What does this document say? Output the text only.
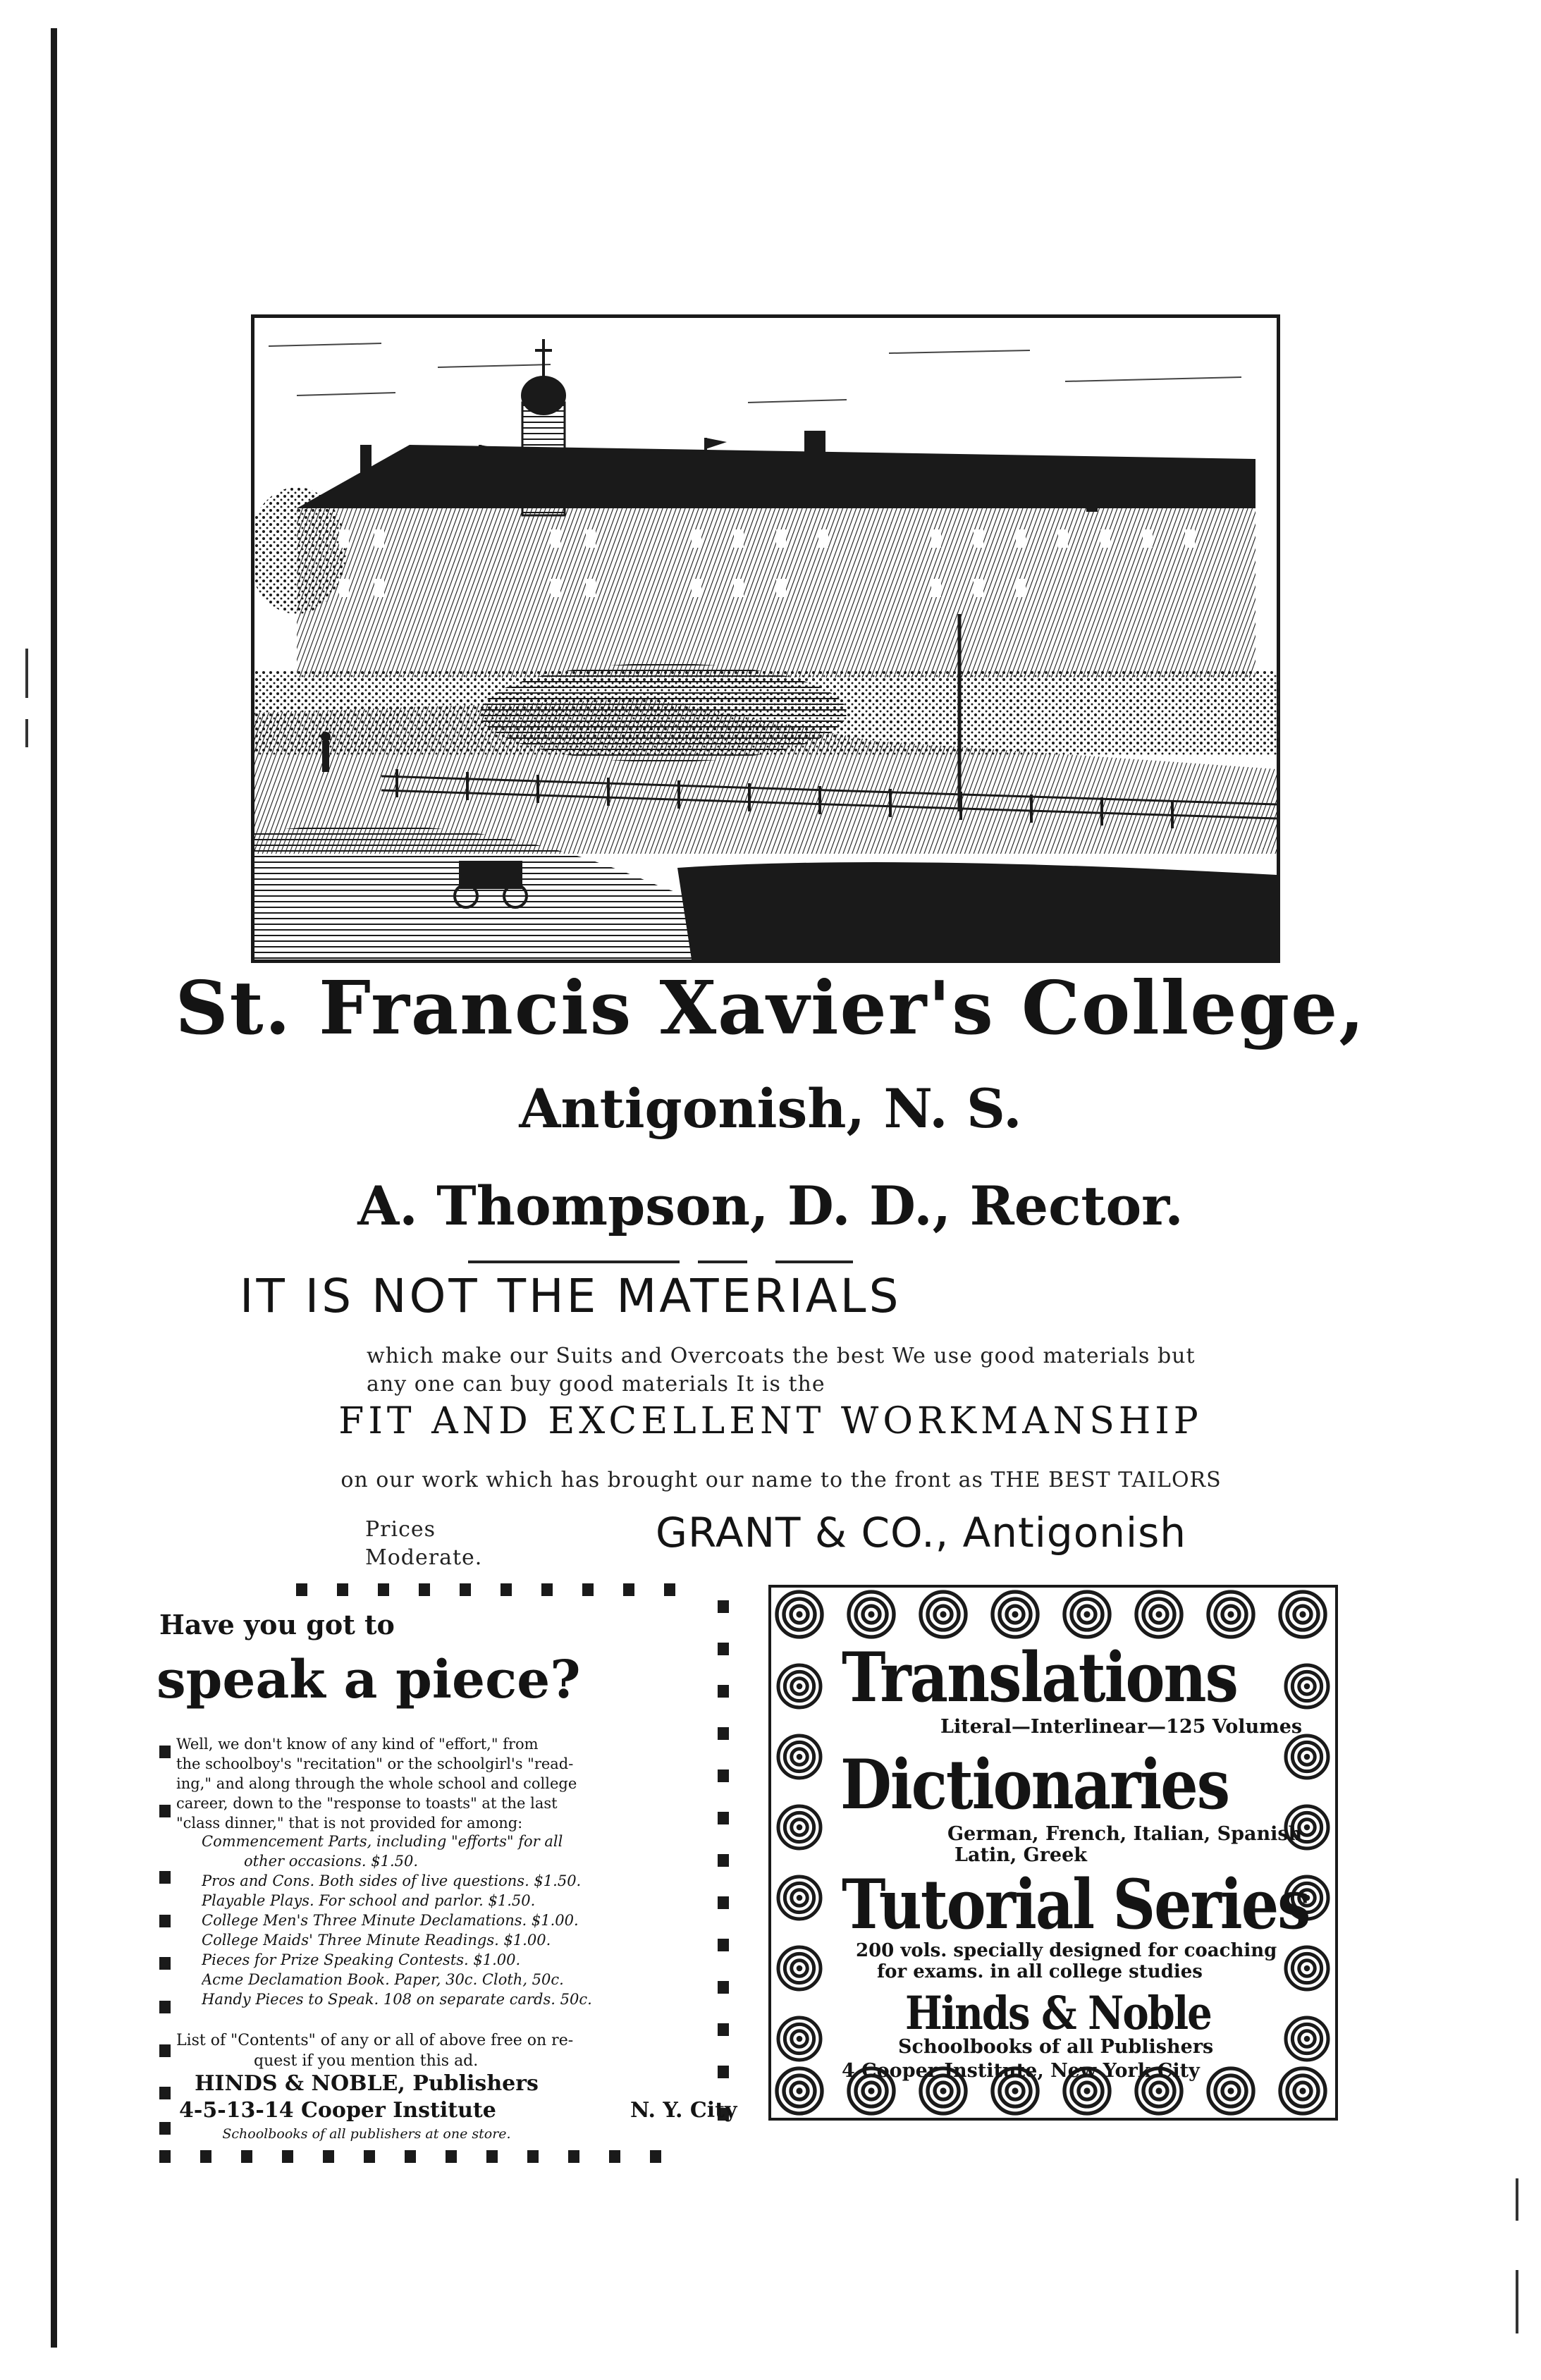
St. Francis Xavier's College,
Antigonish, N. S.
A. Thompson, D. D., Rector.
IT IS NOT THE MATERIALS
which make our Suits and Overcoats the best We use good materials but
any one can buy good materials It is the
FIT AND EXCELLENT WORKMANSHIP
on our work which has brought our name to the front as THE BEST TAILORS
Prices
Moderate.
GRANT & CO., Antigonish
Have you got to
speak a piece?
Well, we don't know of any kind of "effort," from
the schoolboy's "recitation" or the schoolgirl's "read-
ing," and along through the whole school and college
career, down to the "response to toasts" at the last
"class dinner," that is not provided for among:
Commencement Parts, including "efforts" for all
other occasions. $1.50.
Pros and Cons. Both sides of live questions. $1.50.
Playable Plays. For school and parlor. $1.50.
College Men's Three Minute Declamations. $1.00.
College Maids' Three Minute Readings. $1.00.
Pieces for Prize Speaking Contests. $1.00.
Acme Declamation Book. Paper, 30c. Cloth, 50c.
Handy Pieces to Speak. 108 on separate cards. 50c.
List of "Contents" of any or all of above free on re-
quest if you mention this ad.
HINDS & NOBLE, Publishers
4-5-13-14 Cooper Institute	N. Y. City
Schoolbooks of all publishers at one store.
Translations
Literal—Interlinear—125 Volumes
Dictionaries
German, French, Italian, Spanish
Latin, Greek
Tutorial Series
200 vols. specially designed for coaching
for exams. in all college studies
Hinds & Noble
Schoolbooks of all Publishers
4 Cooper Institute, New York City
